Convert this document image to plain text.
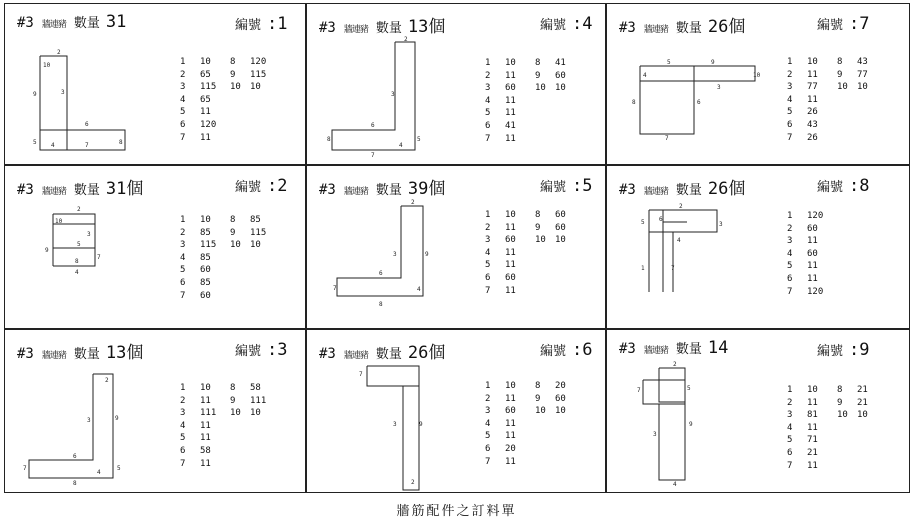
#3 牆連豬 數量 31	編號 :1
10
2
9	3
4
5
6
7	8
1 10 8 120
2 65 9 115
3 115 10 10
4 65
5 11
6 120
7 11
#3 牆連豬 數量 13個	編號 :4
2
3
5
4
6
7
8
1 10 8 41
2 11 9 60
3 60 10 10
4 11
5 11
6 41
7 11
#3 牆連豬 數量 26個	編號 :7
4
5	9
10
3
6
8
7
1 10 8 43
2 11 9 77
3 77 10 10
4 11
5 26
6 43
7 26
#3 牆連豬 數量 31個	編號 :2
2
10
3
9
5
7
8
4
1 10 8 85
2 85 9 115
3 115 10 10
4 85
5 60
6 85
7 60
#3 牆連豬 數量 39個	編號 :5
2
3	9
7
6
4
8
1 10 8 60
2 11 9 60
3 60 10 10
4 11
5 11
6 60
7 11
#3 牆連豬 數量 26個	編號 :8
2
5 6
3
4
1	7
1 120
2 60
3 11
4 60
5 11
6 11
7 120
#3 牆連豬 數量 13個	編號 :3
2
9
3
5
7
6
4
8
1 10 8 58
2 11 9 111
3 111 10 10
4 11
5 11
6 58
7 11
#3 牆連豬 數量 26個	編號 :6
7
3	9
2
1 10 8 20
2 11 9 60
3 60 10 10
4 11
5 11
6 20
7 11
#3 牆連豬 數量 14	編號 :9
2
7	5
3
9
4
1 10 8 21
2 11 9 21
3 81 10 10
4 11
5 71
6 21
7 11
牆筋配件之訂料單
